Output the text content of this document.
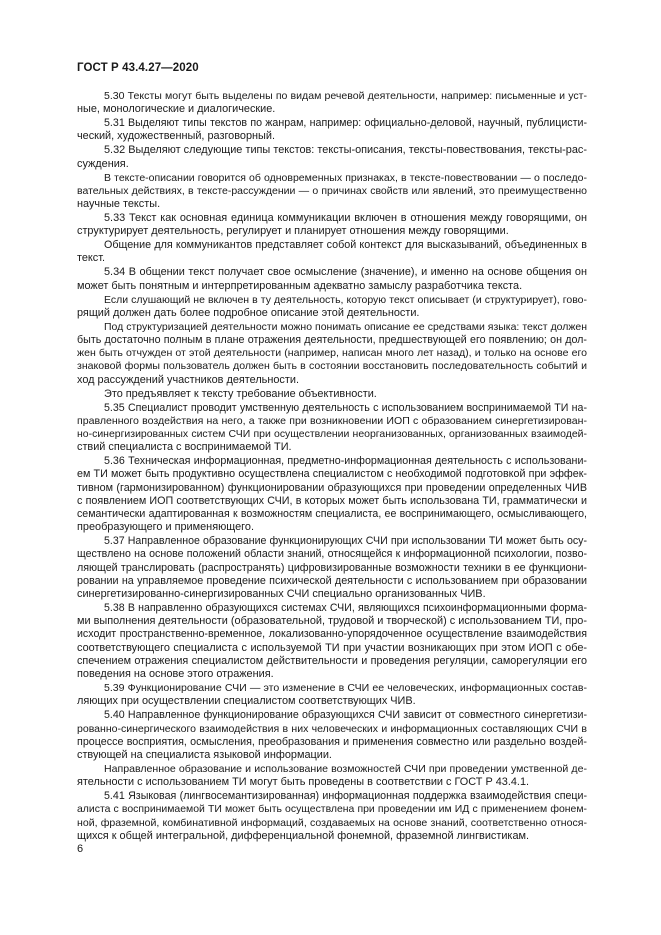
ГОСТ Р 43.4.27—2020
5.30 Тексты могут быть выделены по видам речевой деятельности, например: письменные и уст-
ные, монологические и диалогические.
5.31 Выделяют типы текстов по жанрам, например: официально-деловой, научный, публицисти-
ческий, художественный, разговорный.
5.32 Выделяют следующие типы текстов: тексты-описания, тексты-повествования, тексты-рас-
суждения.
В тексте-описании говорится об одновременных признаках, в тексте-повествовании — о последо-
вательных действиях, в тексте-рассуждении — о причинах свойств или явлений, это преимущественно
научные тексты.
5.33 Текст как основная единица коммуникации включен в отношения между говорящими, он
структурирует деятельность, регулирует и планирует отношения между говорящими.
Общение для коммуникантов представляет собой контекст для высказываний, объединенных в
текст.
5.34 В общении текст получает свое осмысление (значение), и именно на основе общения он
может быть понятным и интерпретированным адекватно замыслу разработчика текста.
Если слушающий не включен в ту деятельность, которую текст описывает (и структурирует), гово-
рящий должен дать более подробное описание этой деятельности.
Под структуризацией деятельности можно понимать описание ее средствами языка: текст должен
быть достаточно полным в плане отражения деятельности, предшествующей его появлению; он дол-
жен быть отчужден от этой деятельности (например, написан много лет назад), и только на основе его
знаковой формы пользователь должен быть в состоянии восстановить последовательность событий и
ход рассуждений участников деятельности.
Это предъявляет к тексту требование объективности.
5.35 Специалист проводит умственную деятельность с использованием воспринимаемой ТИ на-
правленного воздействия на него, а также при возникновении ИОП с образованием синергетизирован-
но-синергизированных систем СЧИ при осуществлении неорганизованных, организованных взаимодей-
ствий специалиста с воспринимаемой ТИ.
5.36 Техническая информационная, предметно-информационная деятельность с использовани-
ем ТИ может быть продуктивно осуществлена специалистом с необходимой подготовкой при эффек-
тивном (гармонизированном) функционировании образующихся при проведении определенных ЧИВ
с появлением ИОП соответствующих СЧИ, в которых может быть использована ТИ, грамматически и
семантически адаптированная к возможностям специалиста, ее воспринимающего, осмысливающего,
преобразующего и применяющего.
5.37 Направленное образование функционирующих СЧИ при использовании ТИ может быть осу-
ществлено на основе положений области знаний, относящейся к информационной психологии, позво-
ляющей транслировать (распространять) цифровизированные возможности техники в ее функциони-
ровании на управляемое проведение психической деятельности с использованием при образовании
синергетизированно-синергизированных СЧИ специально организованных ЧИВ.
5.38 В направленно образующихся системах СЧИ, являющихся психоинформационными форма-
ми выполнения деятельности (образовательной, трудовой и творческой) с использованием ТИ, про-
исходит пространственно-временное, локализованно-упорядоченное осуществление взаимодействия
соответствующего специалиста с используемой ТИ при участии возникающих при этом ИОП с обе-
спечением отражения специалистом действительности и проведения регуляции, саморегуляции его
поведения на основе этого отражения.
5.39 Функционирование СЧИ — это изменение в СЧИ ее человеческих, информационных состав-
ляющих при осуществлении специалистом соответствующих ЧИВ.
5.40 Направленное функционирование образующихся СЧИ зависит от совместного синергетизи-
рованно-синергического взаимодействия в них человеческих и информационных составляющих СЧИ в
процессе восприятия, осмысления, преобразования и применения совместно или раздельно воздей-
ствующей на специалиста языковой информации.
Направленное образование и использование возможностей СЧИ при проведении умственной де-
ятельности с использованием ТИ могут быть проведены в соответствии с ГОСТ Р 43.4.1.
5.41 Языковая (лингвосемантизированная) информационная поддержка взаимодействия специ-
алиста с воспринимаемой ТИ может быть осуществлена при проведении им ИД с применением фонем-
ной, фраземной, комбинативной информаций, создаваемых на основе знаний, соответственно относя-
щихся к общей интегральной, дифференциальной фонемной, фраземной лингвистикам.
6
